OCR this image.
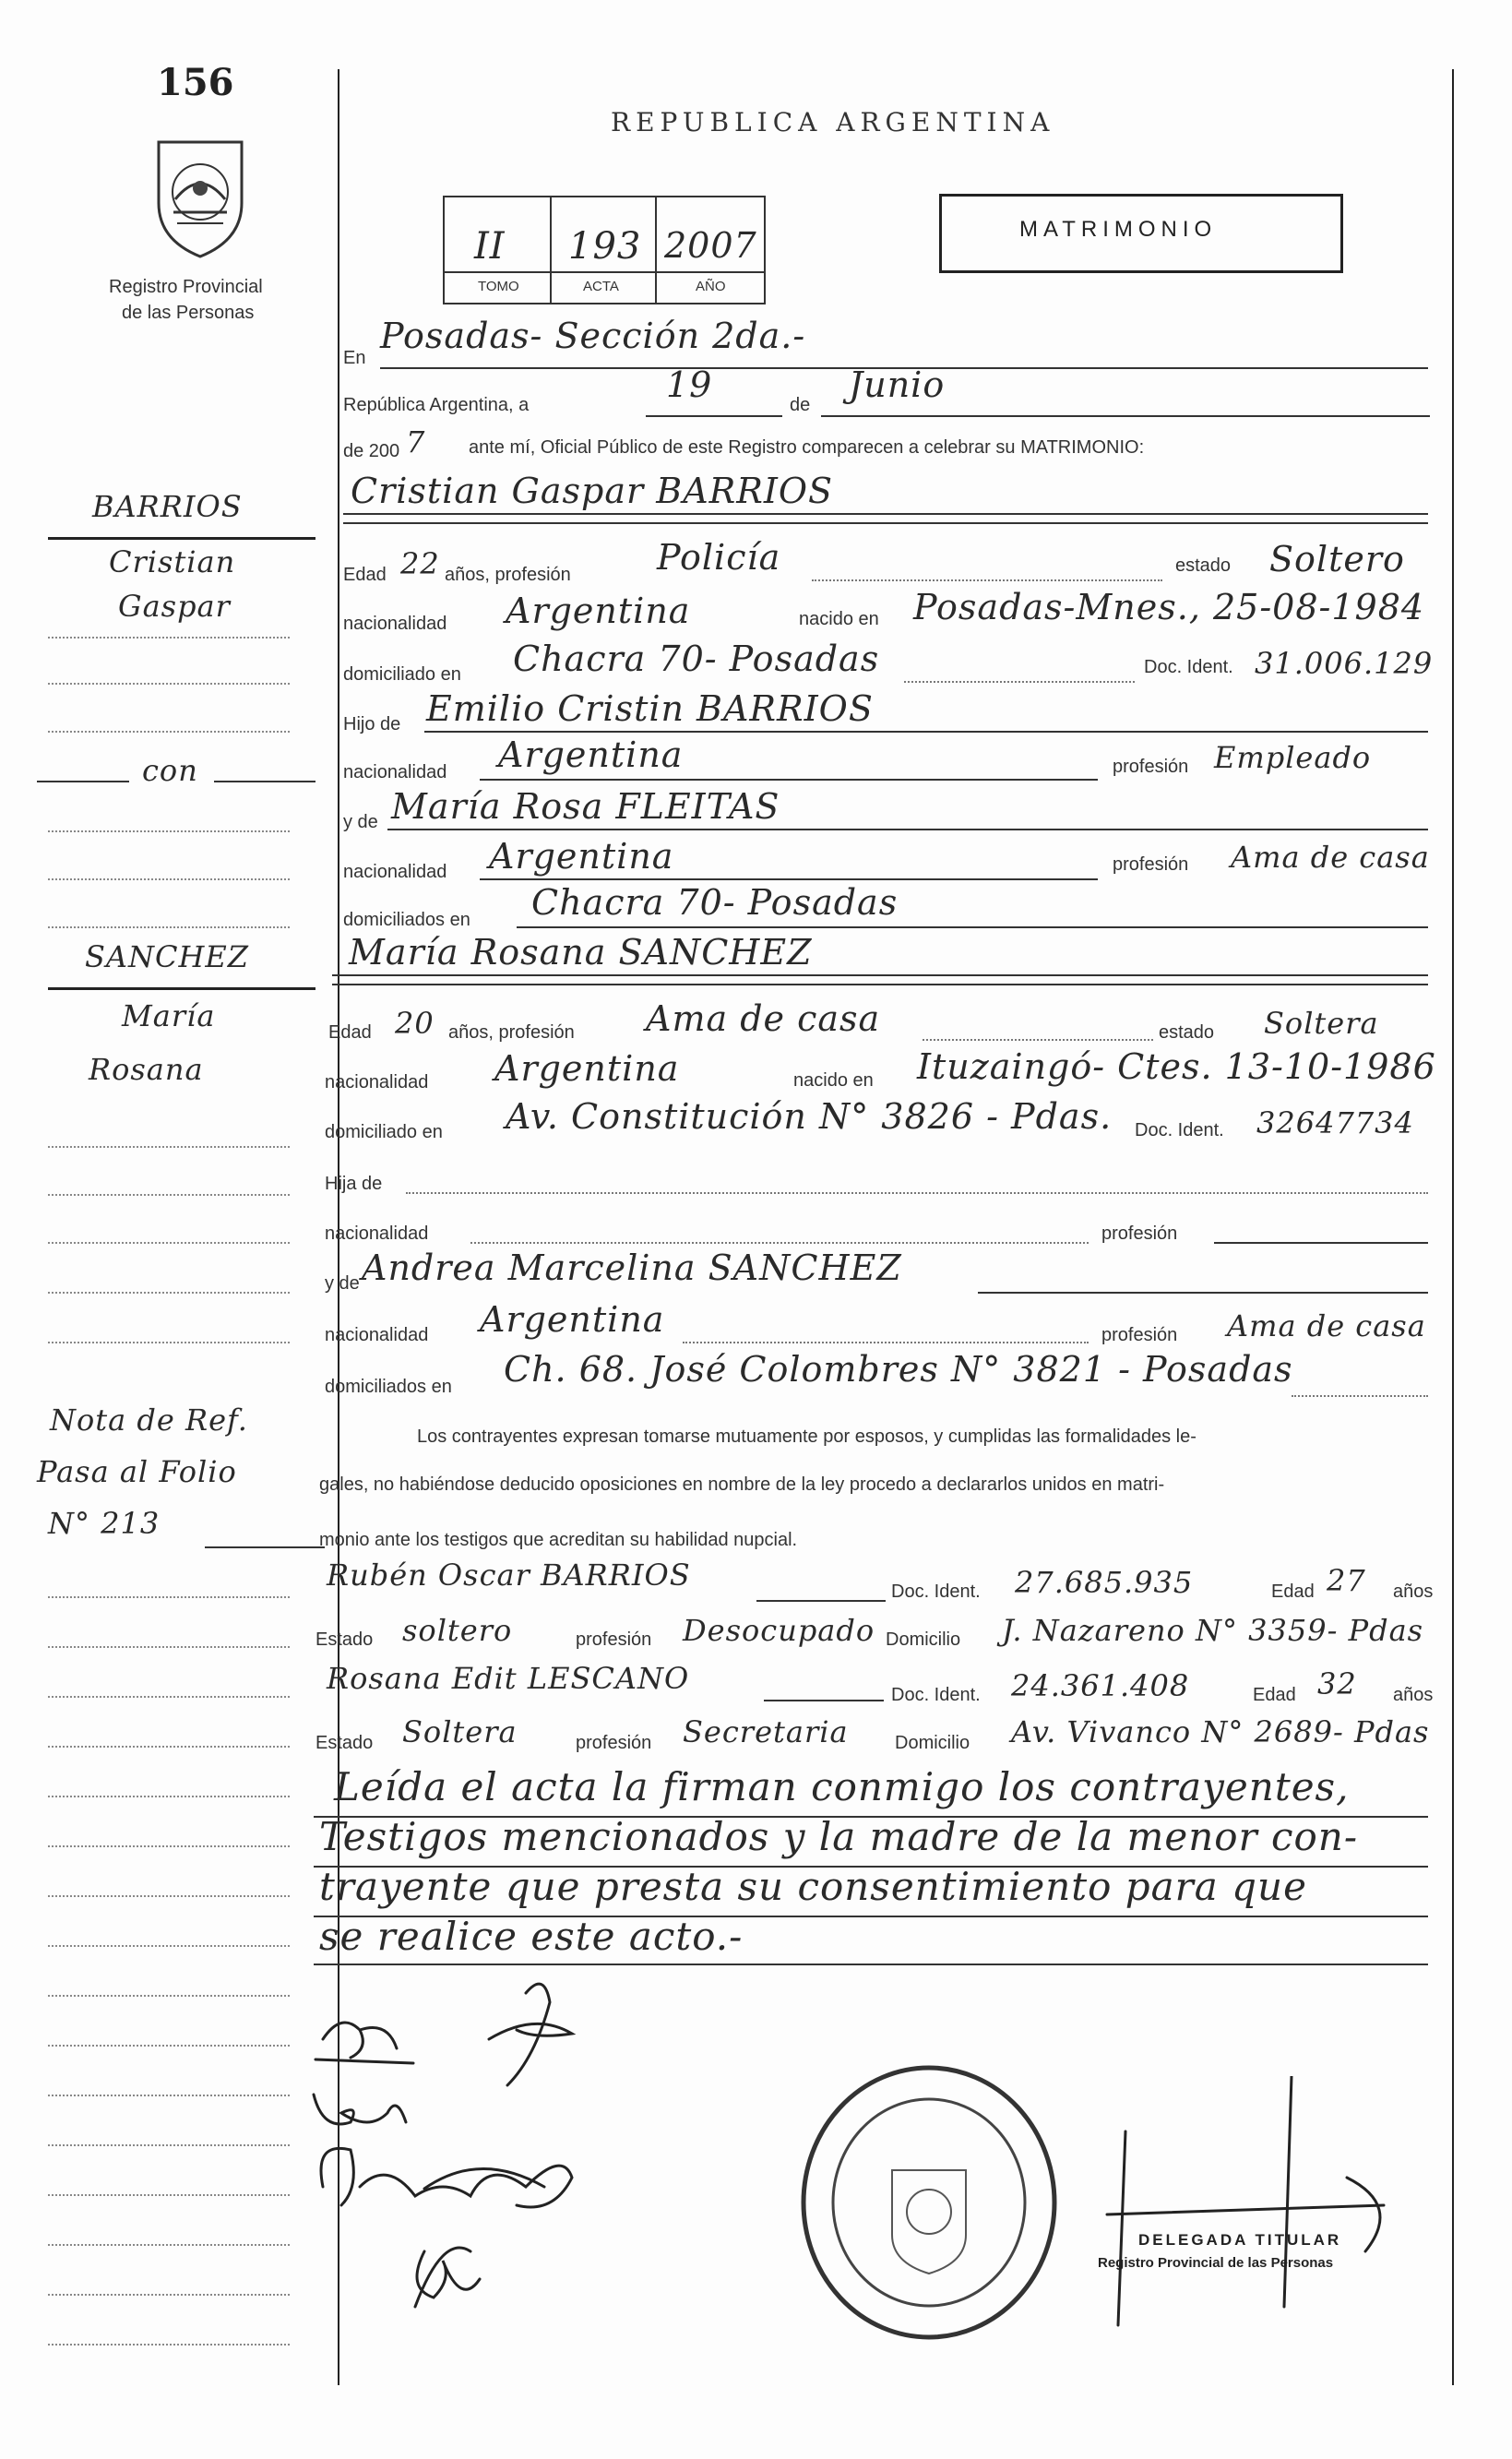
156
Registro Provincial
de las Personas
REPUBLICA ARGENTINA
II
TOMO
193
ACTA
2007
AÑO
MATRIMONIO
En
Posadas- Sección 2da.-
República Argentina, a	19	de Junio
de 200 7 ante mí, Oficial Público de este Registro comparecen a celebrar su MATRIMONIO:
Cristian Gaspar BARRIOS
BARRIOS
Cristian
Gaspar
Edad 22 años, profesión Policía	estado Soltero
nacionalidad Argentina	nacido en Posadas-Mnes., 25-08-1984
domiciliado en Chacra 70- Posadas	Doc. Ident. 31.006.129
Hijo de Emilio Cristin BARRIOS
nacionalidad Argentina	profesión Empleado
y de María Rosa FLEITAS
nacionalidad Argentina	profesión Ama de casa
domiciliados en Chacra 70- Posadas
con
María Rosana SANCHEZ
SANCHEZ
María
Rosana
Edad 20 años, profesión Ama de casa	estado Soltera
nacionalidad Argentina	nacido en Ituzaingó- Ctes. 13-10-1986
domiciliado en Av. Constitución N° 3826 - Pdas. Doc. Ident. 32647734
Hija de
nacionalidad	profesión
y de Andrea Marcelina SANCHEZ
nacionalidad Argentina	profesión Ama de casa
domiciliados en Ch. 68. José Colombres N° 3821 - Posadas
Nota de Ref.
Pasa al Folio
N° 213
Los contrayentes expresan tomarse mutuamente por esposos, y cumplidas las formalidades le-
gales, no habiéndose deducido oposiciones en nombre de la ley procedo a declararlos unidos en matri-
monio ante los testigos que acreditan su habilidad nupcial.
Rubén Oscar BARRIOS	Doc. Ident. 27.685.935	Edad 27 años
Estado soltero	profesión Desocupado Domicilio J. Nazareno N° 3359- Pdas
Rosana Edit LESCANO	Doc. Ident. 24.361.408	Edad 32 años
Estado Soltera	profesión Secretaria	Domicilio Av. Vivanco N° 2689- Pdas
Leída el acta la firman conmigo los contrayentes,
Testigos mencionados y la madre de la menor con-
trayente que presta su consentimiento para que
se realice este acto.-
DELEGADA TITULAR
Registro Provincial de las Personas
